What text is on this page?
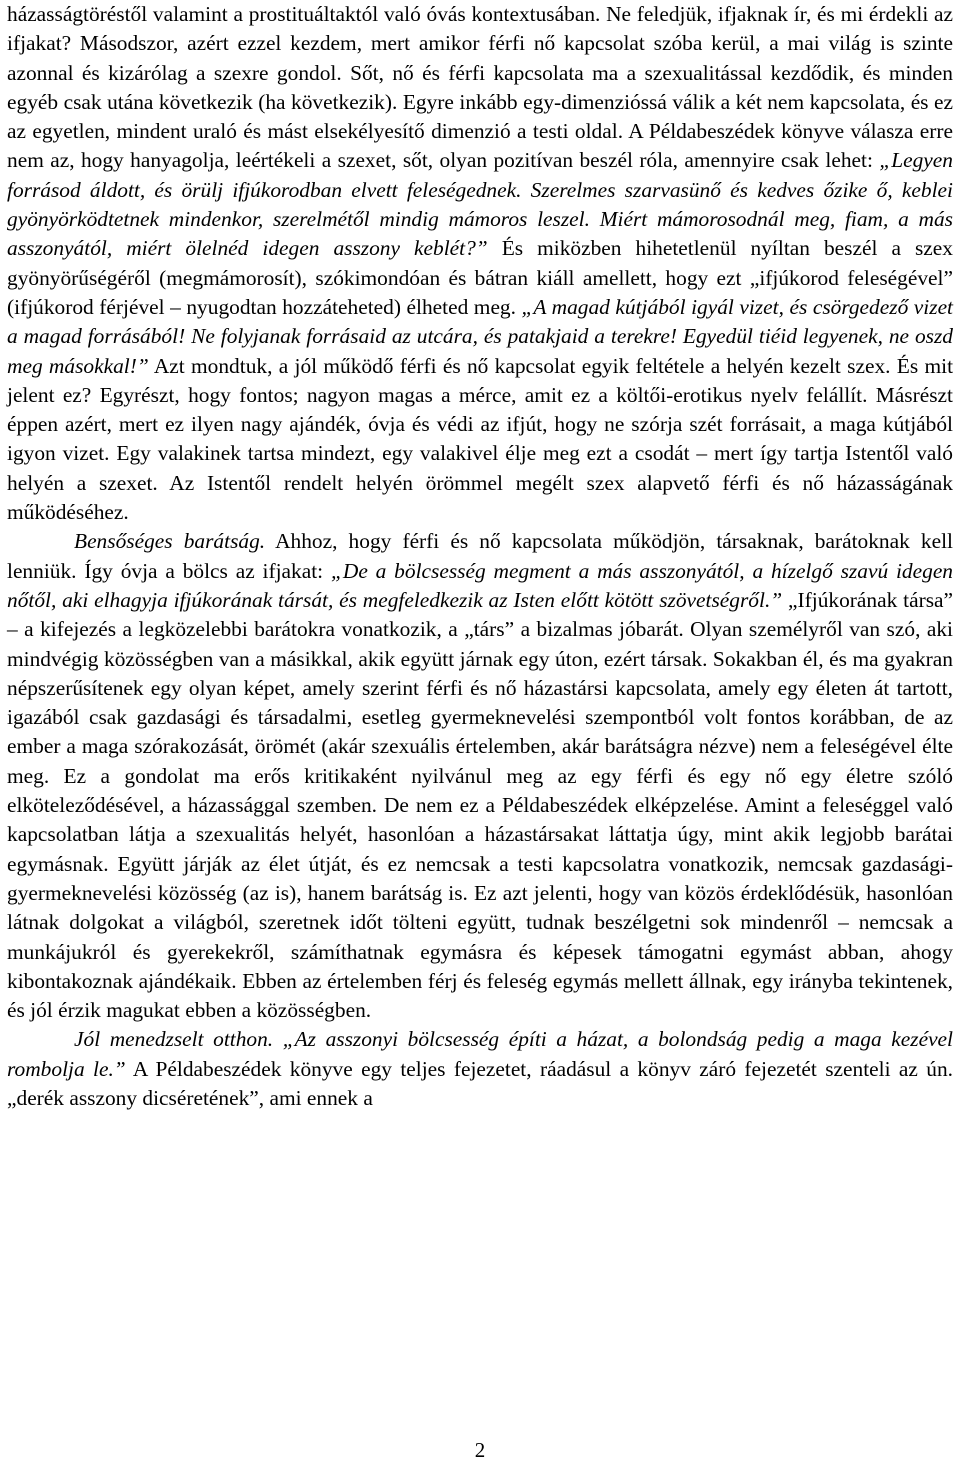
házasságtöréstől valamint a prostituáltaktól való óvás kontextusában. Ne feledjük, ifjaknak ír, és mi érdekli az ifjakat? Másodszor, azért ezzel kezdem, mert amikor férfi nő kapcsolat szóba kerül, a mai világ is szinte azonnal és kizárólag a szexre gondol. Sőt, nő és férfi kapcsolata ma a szexualitással kezdődik, és minden egyéb csak utána következik (ha következik). Egyre inkább egy-dimenzióssá válik a két nem kapcsolata, és ez az egyetlen, mindent uraló és mást elsekélyesítő dimenzió a testi oldal. A Példabeszédek könyve válasza erre nem az, hogy hanyagolja, leértékeli a szexet, sőt, olyan pozitívan beszél róla, amennyire csak lehet: „Legyen forrásod áldott, és örülj ifjúkorodban elvett feleségednek. Szerelmes szarvasünő és kedves őzike ő, keblei gyönyörködtetnek mindenkor, szerelmétől mindig mámoros leszel. Miért mámorosodnál meg, fiam, a más asszonyától, miért ölelnéd idegen asszony keblét?” És miközben hihetetlenül nyíltan beszél a szex gyönyörűségéről (megmámorosít), szókimondóan és bátran kiáll amellett, hogy ezt „ifjúkorod feleségével” (ifjúkorod férjével – nyugodtan hozzáteheted) élheted meg. „A magad kútjából igyál vizet, és csörgedező vizet a magad forrásából! Ne folyjanak forrásaid az utcára, és patakjaid a terekre! Egyedül tiéid legyenek, ne oszd meg másokkal!” Azt mondtuk, a jól működő férfi és nő kapcsolat egyik feltétele a helyén kezelt szex. És mit jelent ez? Egyrészt, hogy fontos; nagyon magas a mérce, amit ez a költői-erotikus nyelv felállít. Másrészt éppen azért, mert ez ilyen nagy ajándék, óvja és védi az ifjút, hogy ne szórja szét forrásait, a maga kútjából igyon vizet. Egy valakinek tartsa mindezt, egy valakivel élje meg ezt a csodát – mert így tartja Istentől való helyén a szexet. Az Istentől rendelt helyén örömmel megélt szex alapvető férfi és nő házasságának működéséhez.

Bensőséges barátság. Ahhoz, hogy férfi és nő kapcsolata működjön, társaknak, barátoknak kell lenniük. Így óvja a bölcs az ifjakat: „De a bölcsesség megment a más asszonyától, a hízelgő szavú idegen nőtől, aki elhagyja ifjúkorának társát, és megfeledkezik az Isten előtt kötött szövetségről.” „Ifjúkorának társa” – a kifejezés a legközelebbi barátokra vonatkozik, a „társ” a bizalmas jóbarát. Olyan személyről van szó, aki mindvégig közösségben van a másikkal, akik együtt járnak egy úton, ezért társak. Sokakban él, és ma gyakran népszerűsítenek egy olyan képet, amely szerint férfi és nő házastársi kapcsolata, amely egy életen át tartott, igazából csak gazdasági és társadalmi, esetleg gyermeknevelési szempontból volt fontos korábban, de az ember a maga szórakozását, örömét (akár szexuális értelemben, akár barátságra nézve) nem a feleségével élte meg. Ez a gondolat ma erős kritikaként nyilvánul meg az egy férfi és egy nő egy életre szóló elköteleződésével, a házassággal szemben. De nem ez a Példabeszédek elképzelése. Amint a feleséggel való kapcsolatban látja a szexualitás helyét, hasonlóan a házastársakat láttatja úgy, mint akik legjobb barátai egymásnak. Együtt járják az élet útját, és ez nemcsak a testi kapcsolatra vonatkozik, nemcsak gazdasági-gyermeknevelési közösség (az is), hanem barátság is. Ez azt jelenti, hogy van közös érdeklődésük, hasonlóan látnak dolgokat a világból, szeretnek időt tölteni együtt, tudnak beszélgetni sok mindenről – nemcsak a munkájukról és gyerekekről, számíthatnak egymásra és képesek támogatni egymást abban, ahogy kibontakoznak ajándékaik. Ebben az értelemben férj és feleség egymás mellett állnak, egy irányba tekintenek, és jól érzik magukat ebben a közösségben.

Jól menedzselt otthon. „Az asszonyi bölcsesség építi a házat, a bolondság pedig a maga kezével rombolja le.” A Példabeszédek könyve egy teljes fejezetet, ráadásul a könyv záró fejezetét szenteli az ún. „derék asszony dicséretének”, ami ennek a

2
